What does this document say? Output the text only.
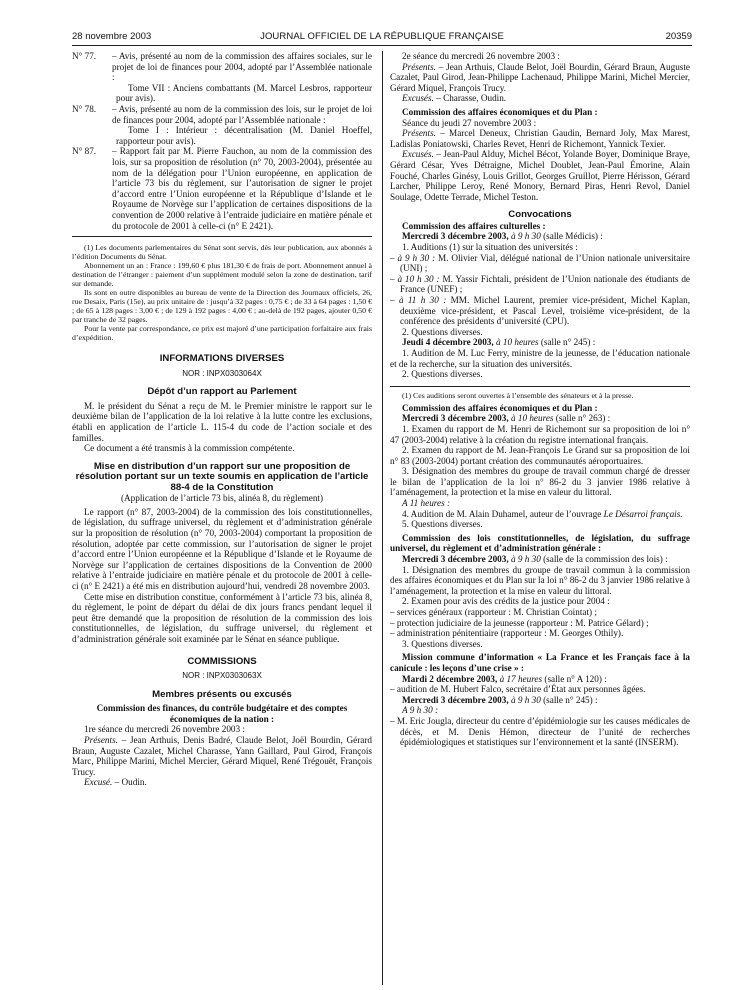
28 novembre 2003	JOURNAL OFFICIEL DE LA RÉPUBLIQUE FRANÇAISE	20359
N° 77. – Avis, présenté au nom de la commission des affaires sociales, sur le projet de loi de finances pour 2004, adopté par l’Assemblée nationale :

Tome VII : Anciens combattants (M. Marcel Lesbros, rapporteur pour avis).

N° 78. – Avis, présenté au nom de la commission des lois, sur le projet de loi de finances pour 2004, adopté par l’Assemblée nationale :

Tome I : Intérieur : décentralisation (M. Daniel Hoeffel, rapporteur pour avis).

N° 87. – Rapport fait par M. Pierre Fauchon, au nom de la commission des lois, sur sa proposition de résolution (n° 70, 2003-2004), présentée au nom de la délégation pour l’Union européenne, en application de l’article 73 bis du règlement, sur l’autorisation de signer le projet d’accord entre l’Union européenne et la République d’Islande et le Royaume de Norvège sur l’application de certaines dispositions de la convention de 2000 relative à l’entraide judiciaire en matière pénale et du protocole de 2001 à celle-ci (n° E 2421).

(1) Les documents parlementaires du Sénat sont servis, dès leur publication, aux abonnés à l’édition Documents du Sénat.

Abonnement un an : France : 199,60 € plus 181,30 € de frais de port. Abonnement annuel à destination de l’étranger : paiement d’un supplément modulé selon la zone de destination, tarif sur demande.

Ils sont en outre disponibles au bureau de vente de la Direction des Journaux officiels, 26, rue Desaix, Paris (15e), au prix unitaire de : jusqu’à 32 pages : 0,75 € ; de 33 à 64 pages : 1,50 € ; de 65 à 128 pages : 3,00 € ; de 129 à 192 pages : 4,00 € ; au-delà de 192 pages, ajouter 0,50 € par tranche de 32 pages.

Pour la vente par correspondance, ce prix est majoré d’une participation forfaitaire aux frais d’expédition.

INFORMATIONS DIVERSES

NOR : INPX0303064X

Dépôt d’un rapport au Parlement

M. le président du Sénat a reçu de M. le Premier ministre le rapport sur le deuxième bilan de l’application de la loi relative à la lutte contre les exclusions, établi en application de l’article L. 115-4 du code de l’action sociale et des familles.

Ce document a été transmis à la commission compétente.

Mise en distribution d’un rapport sur une proposition de résolution portant sur un texte soumis en application de l’article 88-4 de la Constitution

(Application de l’article 73 bis, alinéa 8, du règlement)

Le rapport (n° 87, 2003-2004) de la commission des lois constitutionnelles, de législation, du suffrage universel, du règlement et d’administration générale sur la proposition de résolution (n° 70, 2003-2004) comportant la proposition de résolution, adoptée par cette commission, sur l’autorisation de signer le projet d’accord entre l’Union européenne et la République d’Islande et le Royaume de Norvège sur l’application de certaines dispositions de la Convention de 2000 relative à l’entraide judiciaire en matière pénale et du protocole de 2001 à celle-ci (n° E 2421) a été mis en distribution aujourd’hui, vendredi 28 novembre 2003.

Cette mise en distribution constitue, conformément à l’article 73 bis, alinéa 8, du règlement, le point de départ du délai de dix jours francs pendant lequel il peut être demandé que la proposition de résolution de la commission des lois constitutionnelles, de législation, du suffrage universel, du règlement et d’administration générale soit examinée par le Sénat en séance publique.

COMMISSIONS

NOR : INPX0303063X

Membres présents ou excusés

Commission des finances, du contrôle budgétaire et des comptes économiques de la nation :

1re séance du mercredi 26 novembre 2003 :

Présents. – Jean Arthuis, Denis Badré, Claude Belot, Joël Bourdin, Gérard Braun, Auguste Cazalet, Michel Charasse, Yann Gaillard, Paul Girod, François Marc, Philippe Marini, Michel Mercier, Gérard Miquel, René Trégouët, François Trucy.

Excusé. – Oudin.

2e séance du mercredi 26 novembre 2003 :

Présents. – Jean Arthuis, Claude Belot, Joël Bourdin, Gérard Braun, Auguste Cazalet, Paul Girod, Jean-Philippe Lachenaud, Philippe Marini, Michel Mercier, Gérard Miquel, François Trucy.

Excusés. – Charasse, Oudin.

Commission des affaires économiques et du Plan :

Séance du jeudi 27 novembre 2003 :

Présents. – Marcel Deneux, Christian Gaudin, Bernard Joly, Max Marest, Ladislas Poniatowski, Charles Revet, Henri de Richemont, Yannick Texier.

Excusés. – Jean-Paul Alduy, Michel Bécot, Yolande Boyer, Dominique Braye, Gérard César, Yves Détraigne, Michel Doublet, Jean-Paul Émorine, Alain Fouché, Charles Ginésy, Louis Grillot, Georges Gruillot, Pierre Hérisson, Gérard Larcher, Philippe Leroy, René Monory, Bernard Piras, Henri Revol, Daniel Soulage, Odette Terrade, Michel Teston.

Convocations

Commission des affaires culturelles :

Mercredi 3 décembre 2003, à 9 h 30 (salle Médicis) :

1. Auditions (1) sur la situation des universités :

– à 9 h 30 : M. Olivier Vial, délégué national de l’Union nationale universitaire (UNI) ;

– à 10 h 30 : M. Yassir Fichtali, président de l’Union nationale des étudiants de France (UNEF) ;

– à 11 h 30 : MM. Michel Laurent, premier vice-président, Michel Kaplan, deuxième vice-président, et Pascal Level, troisième vice-président, de la conférence des présidents d’université (CPU).

2. Questions diverses.

Jeudi 4 décembre 2003, à 10 heures (salle n° 245) :

1. Audition de M. Luc Ferry, ministre de la jeunesse, de l’éducation nationale et de la recherche, sur la situation des universités.

2. Questions diverses.

(1) Ces auditions seront ouvertes à l’ensemble des sénateurs et à la presse.

Commission des affaires économiques et du Plan :

Mercredi 3 décembre 2003, à 10 heures (salle n° 263) :

1. Examen du rapport de M. Henri de Richemont sur sa proposition de loi n° 47 (2003-2004) relative à la création du registre international français.

2. Examen du rapport de M. Jean-François Le Grand sur sa proposition de loi n° 83 (2003-2004) portant création des communautés aéroportuaires.

3. Désignation des membres du groupe de travail commun chargé de dresser le bilan de l’application de la loi n° 86-2 du 3 janvier 1986 relative à l’aménagement, la protection et la mise en valeur du littoral.

A 11 heures :

4. Audition de M. Alain Duhamel, auteur de l’ouvrage Le Désarroi français.

5. Questions diverses.

Commission des lois constitutionnelles, de législation, du suffrage universel, du règlement et d’administration générale :

Mercredi 3 décembre 2003, à 9 h 30 (salle de la commission des lois) :

1. Désignation des membres du groupe de travail commun à la commission des affaires économiques et du Plan sur la loi n° 86-2 du 3 janvier 1986 relative à l’aménagement, la protection et la mise en valeur du littoral.

2. Examen pour avis des crédits de la justice pour 2004 :

– services généraux (rapporteur : M. Christian Cointat) ;

– protection judiciaire de la jeunesse (rapporteur : M. Patrice Gélard) ;

– administration pénitentiaire (rapporteur : M. Georges Othily).

3. Questions diverses.

Mission commune d’information « La France et les Français face à la canicule : les leçons d’une crise » :

Mardi 2 décembre 2003, à 17 heures (salle n° A 120) :

– audition de M. Hubert Falco, secrétaire d’État aux personnes âgées.

Mercredi 3 décembre 2003, à 9 h 30 (salle n° 245) :

A 9 h 30 :

– M. Eric Jougla, directeur du centre d’épidémiologie sur les causes médicales de décès, et M. Denis Hémon, directeur de l’unité de recherches épidémiologiques et statistiques sur l’environnement et la santé (INSERM).
